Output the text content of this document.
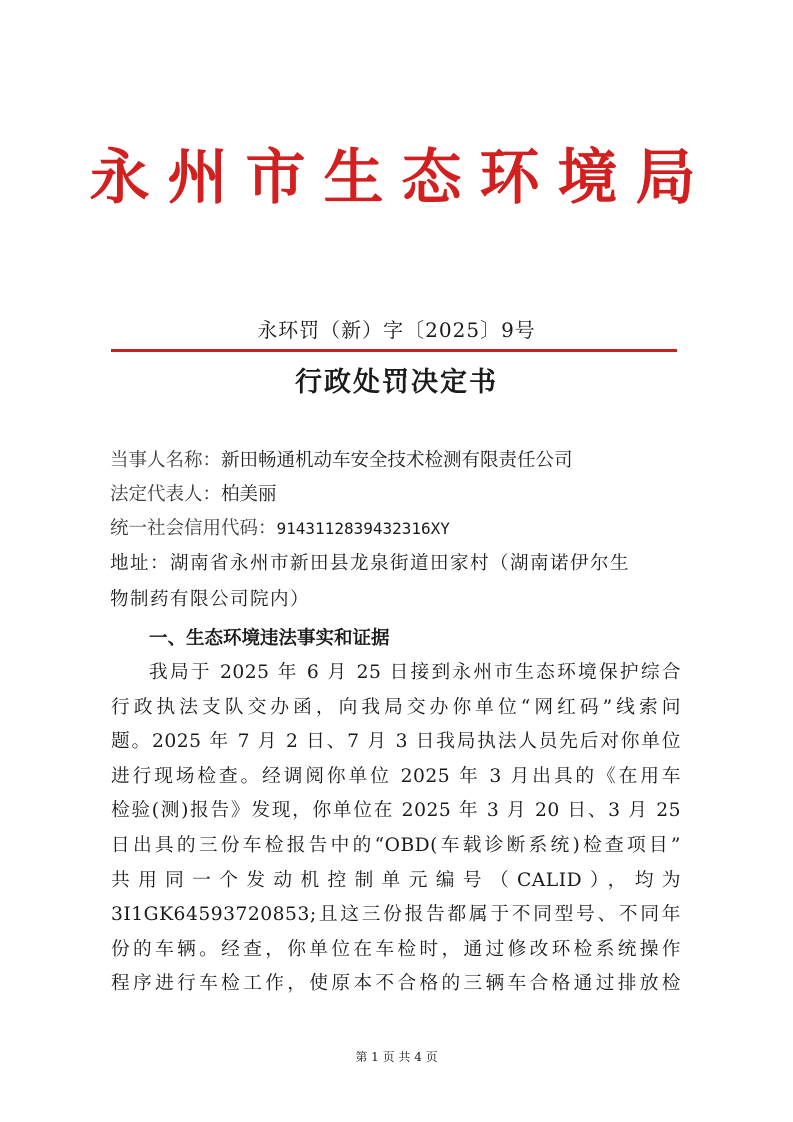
永州市生态环境局
永环罚（新）字〔2025〕9号
行政处罚决定书
当事人名称：新田畅通机动车安全技术检测有限责任公司
法定代表人：柏美丽
统一社会信用代码：9143112839432316XY
地址：湖南省永州市新田县龙泉街道田家村（湖南诺伊尔生
物制药有限公司院内）
一、生态环境违法事实和证据
我局于 2025 年 6 月 25 日接到永州市生态环境保护综合
行政执法支队交办函，向我局交办你单位“网红码”线索问
题。2025 年 7 月 2 日、7 月 3 日我局执法人员先后对你单位
进行现场检查。经调阅你单位 2025 年 3 月出具的《在用车
检验(测)报告》发现，你单位在 2025 年 3 月 20 日、3 月 25
日出具的三份车检报告中的“OBD(车载诊断系统)检查项目”
共用同一个发动机控制单元编号（CALID），均为
3I1GK64593720853;且这三份报告都属于不同型号、不同年
份的车辆。经查，你单位在车检时，通过修改环检系统操作
程序进行车检工作，使原本不合格的三辆车合格通过排放检
第 1 页 共 4 页
